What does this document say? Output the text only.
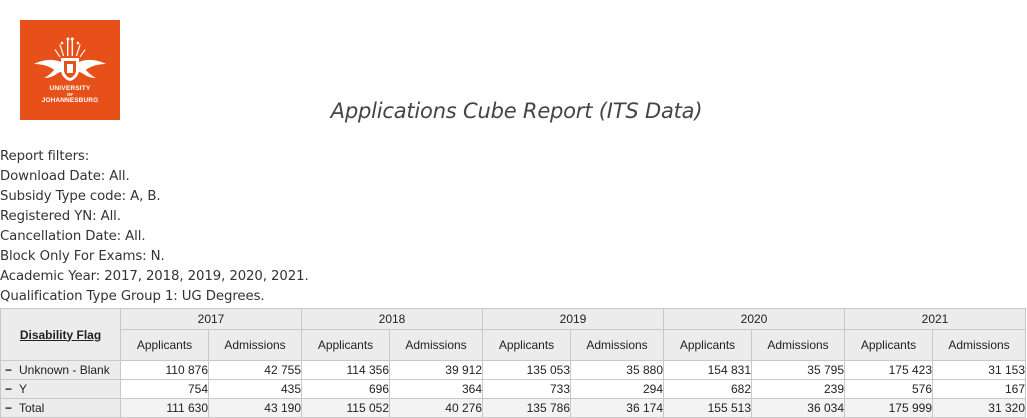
UNIVERSITY
OF
JOHANNESBURG	Applications Cube Report (ITS Data)
Report filters:
Download Date: All.
Subsidy Type code: A, B.
Registered YN: All.
Cancellation Date: All.
Block Only For Exams: N.
Academic Year: 2017, 2018, 2019, 2020, 2021.
Qualification Type Group 1: UG Degrees.
Disability Flag	2017		2018		2019		2020		2021	
	Applicants	Admissions	Applicants	Admissions	Applicants	Admissions	Applicants	Admissions	Applicants	Admissions
− Unknown - Blank	110 876	42 755	114 356	39 912	135 053	35 880	154 831	35 795	175 423	31 153
− Y	754	435	696	364	733	294	682	239	576	167
− Total	111 630	43 190	115 052	40 276	135 786	36 174	155 513	36 034	175 999	31 320
